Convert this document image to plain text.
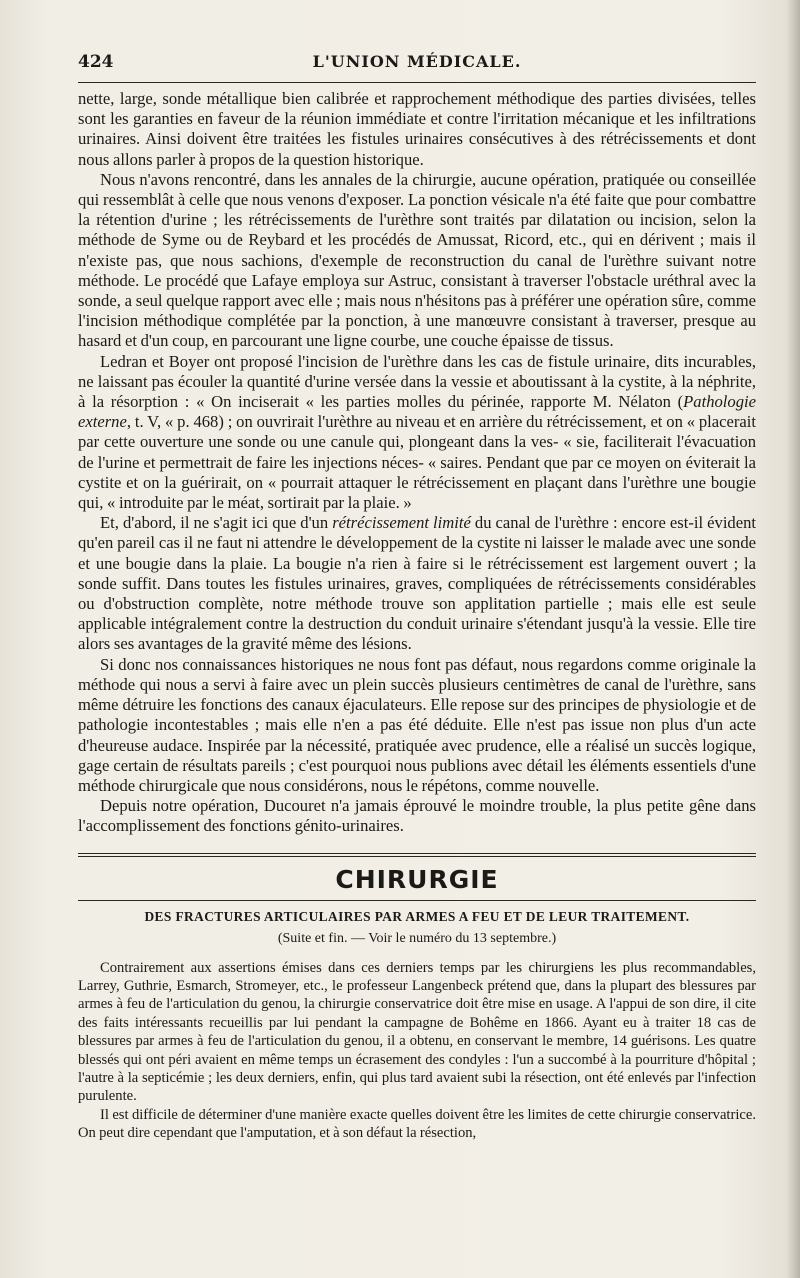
424	L'UNION MÉDICALE.

nette, large, sonde métallique bien calibrée et rapprochement méthodique des parties divisées, telles sont les garanties en faveur de la réunion immédiate et contre l'irritation mécanique et les infiltrations urinaires. Ainsi doivent être traitées les fistules urinaires consécutives à des rétrécissements et dont nous allons parler à propos de la question historique.

Nous n'avons rencontré, dans les annales de la chirurgie, aucune opération, pratiquée ou conseillée qui ressemblât à celle que nous venons d'exposer. La ponction vésicale n'a été faite que pour combattre la rétention d'urine ; les rétrécissements de l'urèthre sont traités par dilatation ou incision, selon la méthode de Syme ou de Reybard et les procédés de Amussat, Ricord, etc., qui en dérivent ; mais il n'existe pas, que nous sachions, d'exemple de reconstruction du canal de l'urèthre suivant notre méthode. Le procédé que Lafaye employa sur Astruc, consistant à traverser l'obstacle uréthral avec la sonde, a seul quelque rapport avec elle ; mais nous n'hésitons pas à préférer une opération sûre, comme l'incision méthodique complétée par la ponction, à une manœuvre consistant à traverser, presque au hasard et d'un coup, en parcourant une ligne courbe, une couche épaisse de tissus.

Ledran et Boyer ont proposé l'incision de l'urèthre dans les cas de fistule urinaire, dits incurables, ne laissant pas écouler la quantité d'urine versée dans la vessie et aboutissant à la cystite, à la néphrite, à la résorption : « On inciserait « les parties molles du périnée, rapporte M. Nélaton (Pathologie externe, t. V, « p. 468) ; on ouvrirait l'urèthre au niveau et en arrière du rétrécissement, et on « placerait par cette ouverture une sonde ou une canule qui, plongeant dans la ves- « sie, faciliterait l'évacuation de l'urine et permettrait de faire les injections néces- « saires. Pendant que par ce moyen on éviterait la cystite et on la guérirait, on « pourrait attaquer le rétrécissement en plaçant dans l'urèthre une bougie qui, « introduite par le méat, sortirait par la plaie. »

Et, d'abord, il ne s'agit ici que d'un rétrécissement limité du canal de l'urèthre : encore est-il évident qu'en pareil cas il ne faut ni attendre le développement de la cystite ni laisser le malade avec une sonde et une bougie dans la plaie. La bougie n'a rien à faire si le rétrécissement est largement ouvert ; la sonde suffit. Dans toutes les fistules urinaires, graves, compliquées de rétrécissements considérables ou d'obstruction complète, notre méthode trouve son applitation partielle ; mais elle est seule applicable intégralement contre la destruction du conduit urinaire s'étendant jusqu'à la vessie. Elle tire alors ses avantages de la gravité même des lésions.

Si donc nos connaissances historiques ne nous font pas défaut, nous regardons comme originale la méthode qui nous a servi à faire avec un plein succès plusieurs centimètres de canal de l'urèthre, sans même détruire les fonctions des canaux éjaculateurs. Elle repose sur des principes de physiologie et de pathologie incontestables ; mais elle n'en a pas été déduite. Elle n'est pas issue non plus d'un acte d'heureuse audace. Inspirée par la nécessité, pratiquée avec prudence, elle a réalisé un succès logique, gage certain de résultats pareils ; c'est pourquoi nous publions avec détail les éléments essentiels d'une méthode chirurgicale que nous considérons, nous le répétons, comme nouvelle.

Depuis notre opération, Ducouret n'a jamais éprouvé le moindre trouble, la plus petite gêne dans l'accomplissement des fonctions génito-urinaires.

CHIRURGIE
DES FRACTURES ARTICULAIRES PAR ARMES A FEU ET DE LEUR TRAITEMENT.
(Suite et fin. — Voir le numéro du 13 septembre.)

Contrairement aux assertions émises dans ces derniers temps par les chirurgiens les plus recommandables, Larrey, Guthrie, Esmarch, Stromeyer, etc., le professeur Langenbeck prétend que, dans la plupart des blessures par armes à feu de l'articulation du genou, la chirurgie conservatrice doit être mise en usage. A l'appui de son dire, il cite des faits intéressants recueillis par lui pendant la campagne de Bohême en 1866. Ayant eu à traiter 18 cas de blessures par armes à feu de l'articulation du genou, il a obtenu, en conservant le membre, 14 guérisons. Les quatre blessés qui ont péri avaient en même temps un écrasement des condyles : l'un a succombé à la pourriture d'hôpital ; l'autre à la septicémie ; les deux derniers, enfin, qui plus tard avaient subi la résection, ont été enlevés par l'infection purulente.

Il est difficile de déterminer d'une manière exacte quelles doivent être les limites de cette chirurgie conservatrice. On peut dire cependant que l'amputation, et à son défaut la résection,
